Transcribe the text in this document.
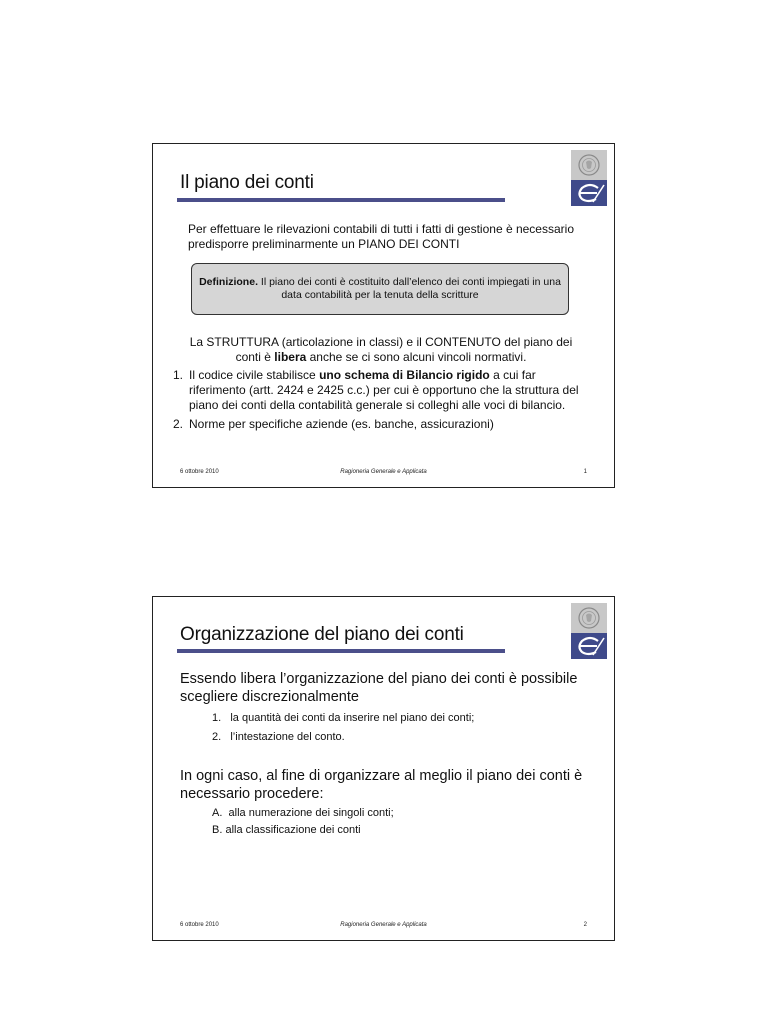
Il piano dei conti
Per effettuare le rilevazioni contabili di tutti i fatti di gestione è necessario predisporre preliminarmente un PIANO DEI CONTI
Definizione. Il piano dei conti è costituito dall’elenco dei conti impiegati in una data contabilità per la tenuta della scritture
La STRUTTURA (articolazione in classi) e il CONTENUTO del piano dei conti è libera anche se ci sono alcuni vincoli normativi.
1. Il codice civile stabilisce uno schema di Bilancio rigido a cui far riferimento (artt. 2424 e 2425 c.c.) per cui è opportuno che la struttura del piano dei conti della contabilità generale si colleghi alle voci di bilancio.
2. Norme per specifiche aziende (es. banche, assicurazioni)
6 ottobre 2010	Ragioneria Generale e Applicata	1
Organizzazione del piano dei conti
Essendo libera l’organizzazione del piano dei conti è possibile scegliere discrezionalmente
1. la quantità dei conti da inserire nel piano dei conti;
2. l’intestazione del conto.
In ogni caso, al fine di organizzare al meglio il piano dei conti è necessario procedere:
A. alla numerazione dei singoli conti;
B. alla classificazione dei conti
6 ottobre 2010	Ragioneria Generale e Applicata	2
